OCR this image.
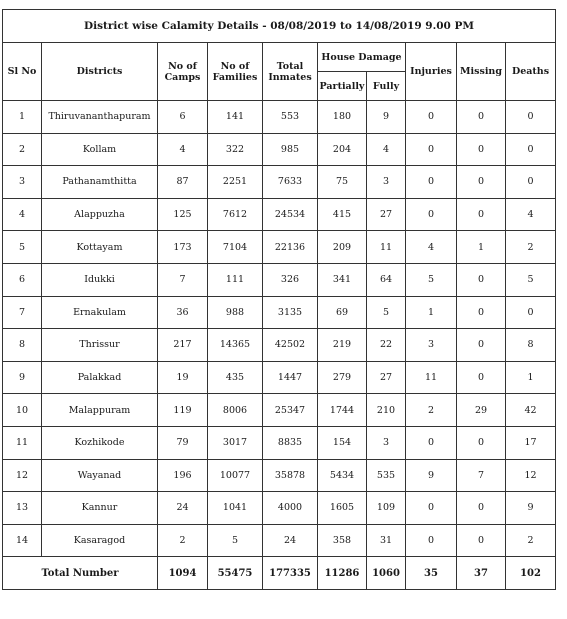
District wise Calamity Details - 08/08/2019 to 14/08/2019 9.00 PM									
Sl No	Districts	No of Camps	No of Families	Total Inmates	House Damage		Injuries	Missing	Deaths
					Partially	Fully			
1	Thiruvananthapuram	6	141	553	180	9	0	0	0
2	Kollam	4	322	985	204	4	0	0	0
3	Pathanamthitta	87	2251	7633	75	3	0	0	0
4	Alappuzha	125	7612	24534	415	27	0	0	4
5	Kottayam	173	7104	22136	209	11	4	1	2
6	Idukki	7	111	326	341	64	5	0	5
7	Ernakulam	36	988	3135	69	5	1	0	0
8	Thrissur	217	14365	42502	219	22	3	0	8
9	Palakkad	19	435	1447	279	27	11	0	1
10	Malappuram	119	8006	25347	1744	210	2	29	42
11	Kozhikode	79	3017	8835	154	3	0	0	17
12	Wayanad	196	10077	35878	5434	535	9	7	12
13	Kannur	24	1041	4000	1605	109	0	0	9
14	Kasaragod	2	5	24	358	31	0	0	2
Total Number		1094	55475	177335	11286	1060	35	37	102
